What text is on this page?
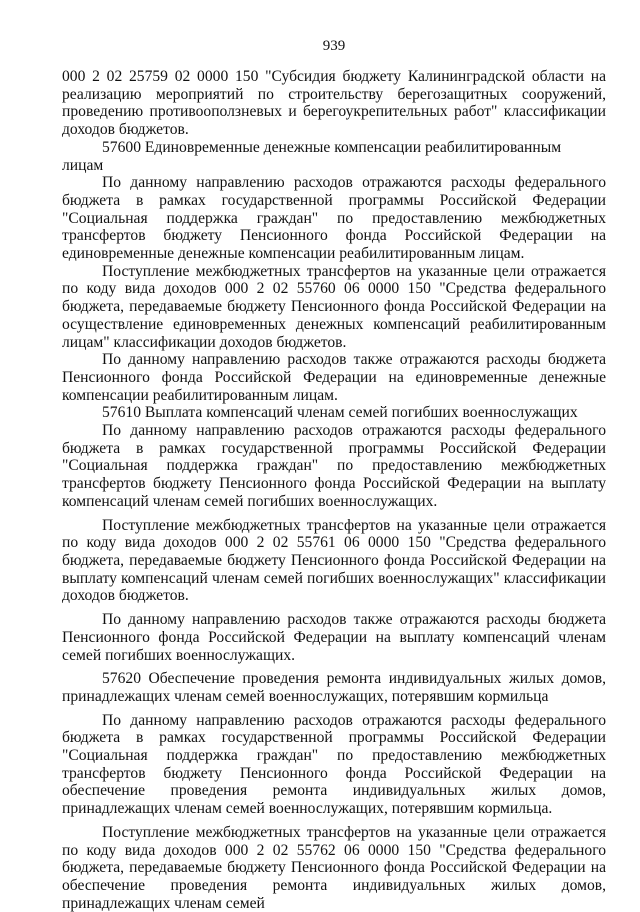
939

000 2 02 25759 02 0000 150 "Субсидия бюджету Калининградской области на реализацию мероприятий по строительству берегозащитных сооружений, проведению противооползневых и берегоукрепительных работ" классификации доходов бюджетов.

57600 Единовременные денежные компенсации реабилитированным лицам

По данному направлению расходов отражаются расходы федерального бюджета в рамках государственной программы Российской Федерации "Социальная поддержка граждан" по предоставлению межбюджетных трансфертов бюджету Пенсионного фонда Российской Федерации на единовременные денежные компенсации реабилитированным лицам.

Поступление межбюджетных трансфертов на указанные цели отражается по коду вида доходов 000 2 02 55760 06 0000 150 "Средства федерального бюджета, передаваемые бюджету Пенсионного фонда Российской Федерации на осуществление единовременных денежных компенсаций реабилитированным лицам" классификации доходов бюджетов.

По данному направлению расходов также отражаются расходы бюджета Пенсионного фонда Российской Федерации на единовременные денежные компенсации реабилитированным лицам.

57610 Выплата компенсаций членам семей погибших военнослужащих

По данному направлению расходов отражаются расходы федерального бюджета в рамках государственной программы Российской Федерации "Социальная поддержка граждан" по предоставлению межбюджетных трансфертов бюджету Пенсионного фонда Российской Федерации на выплату компенсаций членам семей погибших военнослужащих.

Поступление межбюджетных трансфертов на указанные цели отражается по коду вида доходов 000 2 02 55761 06 0000 150 "Средства федерального бюджета, передаваемые бюджету Пенсионного фонда Российской Федерации на выплату компенсаций членам семей погибших военнослужащих" классификации доходов бюджетов.

По данному направлению расходов также отражаются расходы бюджета Пенсионного фонда Российской Федерации на выплату компенсаций членам семей погибших военнослужащих.

57620 Обеспечение проведения ремонта индивидуальных жилых домов, принадлежащих членам семей военнослужащих, потерявшим кормильца

По данному направлению расходов отражаются расходы федерального бюджета в рамках государственной программы Российской Федерации "Социальная поддержка граждан" по предоставлению межбюджетных трансфертов бюджету Пенсионного фонда Российской Федерации на обеспечение проведения ремонта индивидуальных жилых домов, принадлежащих членам семей военнослужащих, потерявшим кормильца.

Поступление межбюджетных трансфертов на указанные цели отражается по коду вида доходов 000 2 02 55762 06 0000 150 "Средства федерального бюджета, передаваемые бюджету Пенсионного фонда Российской Федерации на обеспечение проведения ремонта индивидуальных жилых домов, принадлежащих членам семей
